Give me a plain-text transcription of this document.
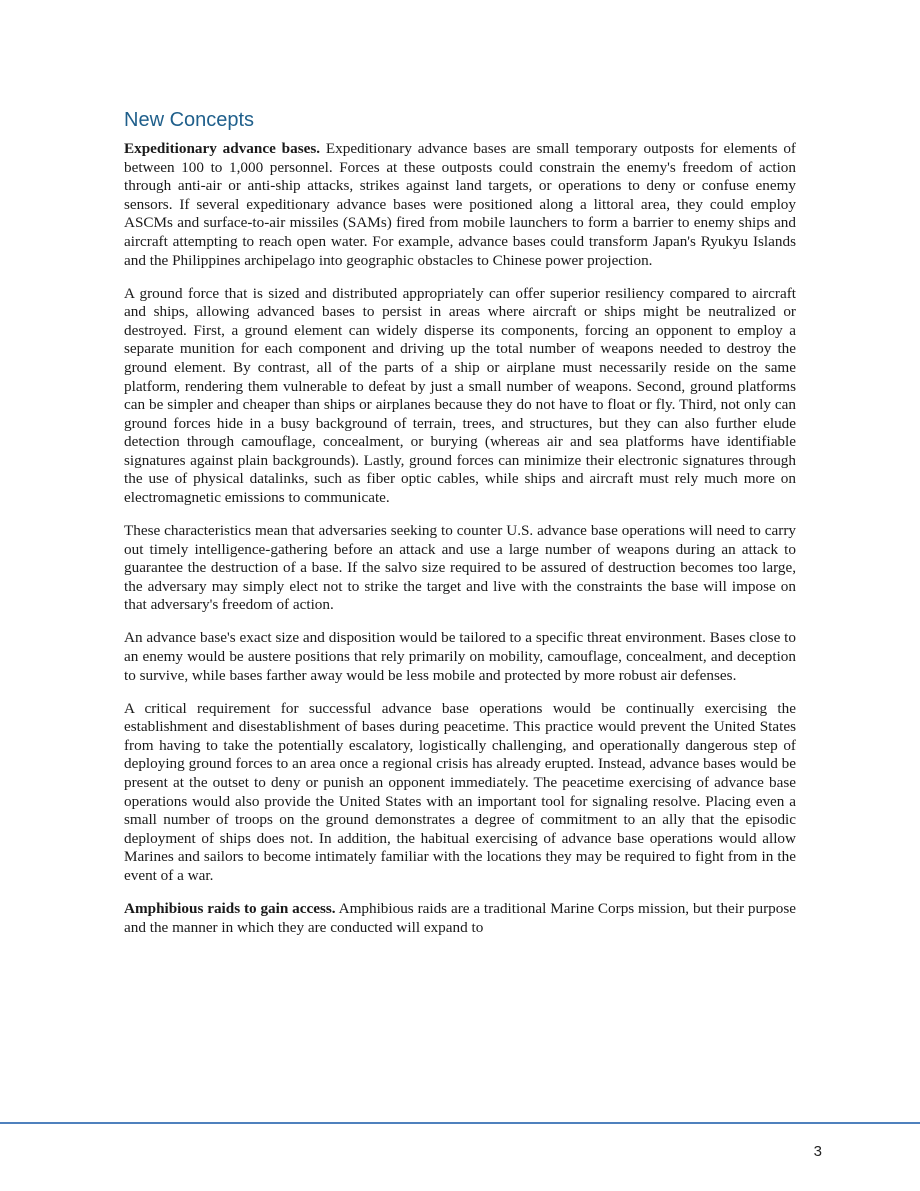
New Concepts

Expeditionary advance bases. Expeditionary advance bases are small temporary outposts for elements of between 100 to 1,000 personnel. Forces at these outposts could constrain the enemy's freedom of action through anti-air or anti-ship attacks, strikes against land targets, or operations to deny or confuse enemy sensors. If several expeditionary advance bases were positioned along a littoral area, they could employ ASCMs and surface-to-air missiles (SAMs) fired from mobile launchers to form a barrier to enemy ships and aircraft attempting to reach open water. For example, advance bases could transform Japan's Ryukyu Islands and the Philippines archipelago into geographic obstacles to Chinese power projection.

A ground force that is sized and distributed appropriately can offer superior resiliency compared to aircraft and ships, allowing advanced bases to persist in areas where aircraft or ships might be neutralized or destroyed. First, a ground element can widely disperse its components, forcing an opponent to employ a separate munition for each component and driving up the total number of weapons needed to destroy the ground element. By contrast, all of the parts of a ship or airplane must necessarily reside on the same platform, rendering them vulnerable to defeat by just a small number of weapons. Second, ground platforms can be simpler and cheaper than ships or airplanes because they do not have to float or fly. Third, not only can ground forces hide in a busy background of terrain, trees, and structures, but they can also further elude detection through camouflage, concealment, or burying (whereas air and sea platforms have identifiable signatures against plain backgrounds). Lastly, ground forces can minimize their electronic signatures through the use of physical datalinks, such as fiber optic cables, while ships and aircraft must rely much more on electromagnetic emissions to communicate.

These characteristics mean that adversaries seeking to counter U.S. advance base operations will need to carry out timely intelligence-gathering before an attack and use a large number of weapons during an attack to guarantee the destruction of a base. If the salvo size required to be assured of destruction becomes too large, the adversary may simply elect not to strike the target and live with the constraints the base will impose on that adversary's freedom of action.

An advance base's exact size and disposition would be tailored to a specific threat environment. Bases close to an enemy would be austere positions that rely primarily on mobility, camouflage, concealment, and deception to survive, while bases farther away would be less mobile and protected by more robust air defenses.

A critical requirement for successful advance base operations would be continually exercising the establishment and disestablishment of bases during peacetime. This practice would prevent the United States from having to take the potentially escalatory, logistically challenging, and operationally dangerous step of deploying ground forces to an area once a regional crisis has already erupted. Instead, advance bases would be present at the outset to deny or punish an opponent immediately. The peacetime exercising of advance base operations would also provide the United States with an important tool for signaling resolve. Placing even a small number of troops on the ground demonstrates a degree of commitment to an ally that the episodic deployment of ships does not. In addition, the habitual exercising of advance base operations would allow Marines and sailors to become intimately familiar with the locations they may be required to fight from in the event of a war.

Amphibious raids to gain access. Amphibious raids are a traditional Marine Corps mission, but their purpose and the manner in which they are conducted will expand to

3
